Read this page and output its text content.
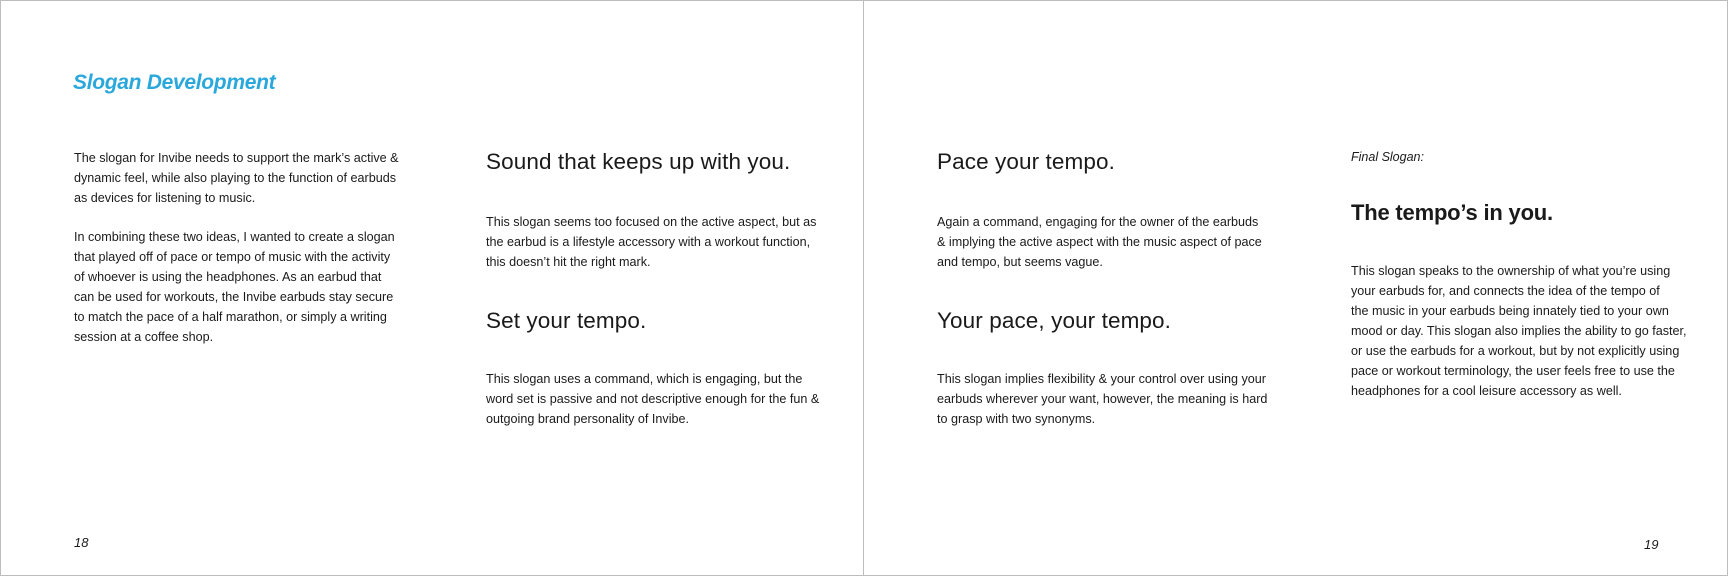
Slogan Development
The slogan for Invibe needs to support the mark’s active &
dynamic feel, while also playing to the function of earbuds
as devices for listening to music.
In combining these two ideas, I wanted to create a slogan
that played off of pace or tempo of music with the activity
of whoever is using the headphones. As an earbud that
can be used for workouts, the Invibe earbuds stay secure
to match the pace of a half marathon, or simply a writing
session at a coffee shop.
Sound that keeps up with you.
This slogan seems too focused on the active aspect, but as
the earbud is a lifestyle accessory with a workout function,
this doesn’t hit the right mark.
Set your tempo.
This slogan uses a command, which is engaging, but the
word set is passive and not descriptive enough for the fun &
outgoing brand personality of Invibe.
18
Pace your tempo.
Again a command, engaging for the owner of the earbuds
& implying the active aspect with the music aspect of pace
and tempo, but seems vague.
Your pace, your tempo.
This slogan implies flexibility & your control over using your
earbuds wherever your want, however, the meaning is hard
to grasp with two synonyms.
Final Slogan:
The tempo’s in you.
This slogan speaks to the ownership of what you’re using
your earbuds for, and connects the idea of the tempo of
the music in your earbuds being innately tied to your own
mood or day. This slogan also implies the ability to go faster,
or use the earbuds for a workout, but by not explicitly using
pace or workout terminology, the user feels free to use the
headphones for a cool leisure accessory as well.
19
